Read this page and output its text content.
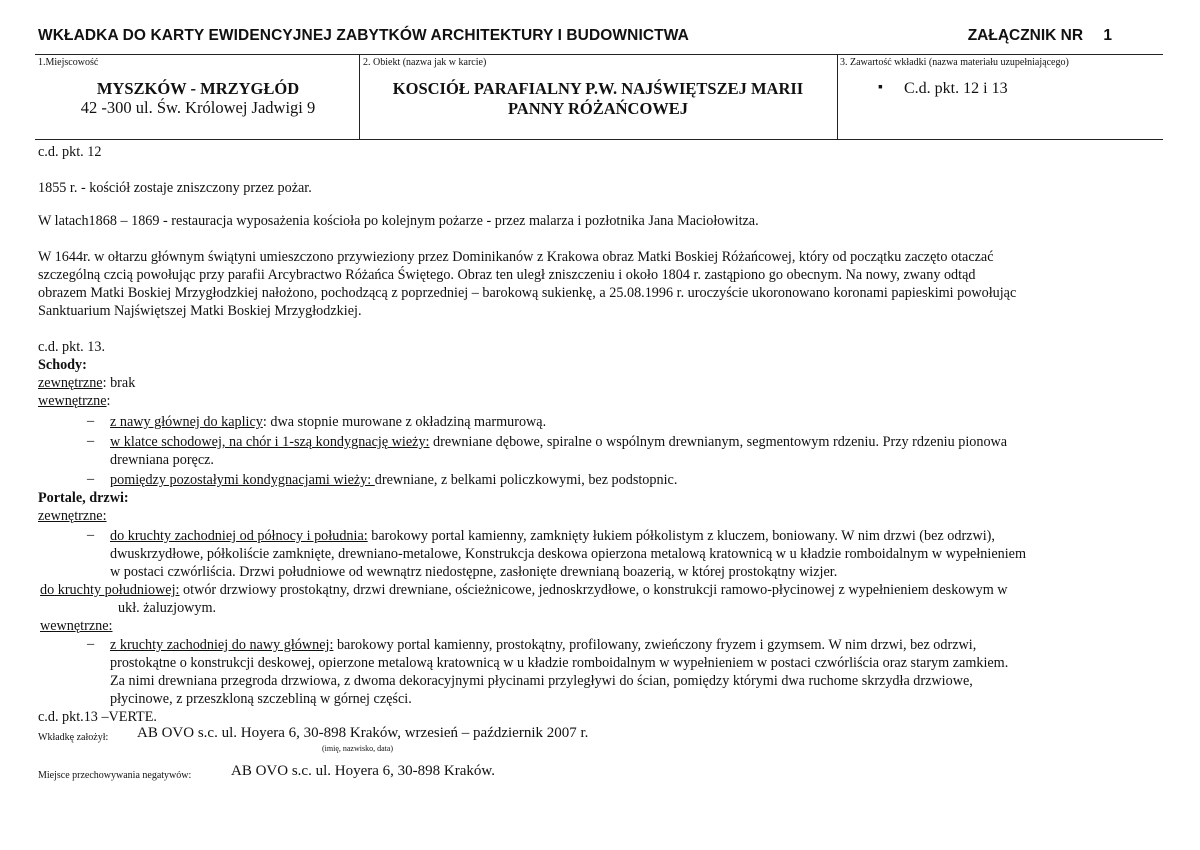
WKŁADKA DO KARTY EWIDENCYJNEJ ZABYTKÓW ARCHITEKTURY I BUDOWNICTWA	ZAŁĄCZNIK NR 1
1.Miejscowość
MYSZKÓW - MRZYGŁÓD
42 -300 ul. Św. Królowej Jadwigi 9
2. Obiekt (nazwa jak w karcie)
KOSCIÓŁ PARAFIALNY P.W. NAJŚWIĘTSZEJ MARII
PANNY RÓŻAŃCOWEJ
3. Zawartość wkładki (nazwa materiału uzupełniającego)
▪ C.d. pkt. 12 i 13
c.d. pkt. 12
1855 r. - kościół zostaje zniszczony przez pożar.
W latach1868 – 1869 - restauracja wyposażenia kościoła po kolejnym pożarze - przez malarza i pozłotnika Jana Maciołowitza.
W 1644r. w ołtarzu głównym świątyni umieszczono przywieziony przez Dominikanów z Krakowa obraz Matki Boskiej Różańcowej, który od początku zaczęto otaczać
szczególną czcią powołując przy parafii Arcybractwo Różańca Świętego. Obraz ten uległ zniszczeniu i około 1804 r. zastąpiono go obecnym. Na nowy, zwany odtąd
obrazem Matki Boskiej Mrzygłodzkiej nałożono, pochodzącą z poprzedniej – barokową sukienkę, a 25.08.1996 r. uroczyście ukoronowano koronami papieskimi powołując
Sanktuarium Najświętszej Matki Boskiej Mrzygłodzkiej.
c.d. pkt. 13.
Schody:
zewnętrzne: brak
wewnętrzne:
– z nawy głównej do kaplicy: dwa stopnie murowane z okładziną marmurową.
– w klatce schodowej, na chór i 1-szą kondygnację wieży: drewniane dębowe, spiralne o wspólnym drewnianym, segmentowym rdzeniu. Przy rdzeniu pionowa
drewniana poręcz.
– pomiędzy pozostałymi kondygnacjami wieży: drewniane, z belkami policzkowymi, bez podstopnic.
Portale, drzwi:
zewnętrzne:
– do kruchty zachodniej od północy i południa: barokowy portal kamienny, zamknięty łukiem półkolistym z kluczem, boniowany. W nim drzwi (bez odrzwi),
dwuskrzydłowe, półkoliście zamknięte, drewniano-metalowe, Konstrukcja deskowa opierzona metalową kratownicą w u kładzie romboidalnym w wypełnieniem
w postaci czwórliścia. Drzwi południowe od wewnątrz niedostępne, zasłonięte drewnianą boazerią, w której prostokątny wizjer.
do kruchty południowej: otwór drzwiowy prostokątny, drzwi drewniane, ościeżnicowe, jednoskrzydłowe, o konstrukcji ramowo-płycinowej z wypełnieniem deskowym w
ukł. żaluzjowym.
wewnętrzne:
– z kruchty zachodniej do nawy głównej: barokowy portal kamienny, prostokątny, profilowany, zwieńczony fryzem i gzymsem. W nim drzwi, bez odrzwi,
prostokątne o konstrukcji deskowej, opierzone metalową kratownicą w u kładzie romboidalnym w wypełnieniem w postaci czwórliścia oraz starym zamkiem.
Za nimi drewniana przegroda drzwiowa, z dwoma dekoracyjnymi płycinami przyległywi do ścian, pomiędzy którymi dwa ruchome skrzydła drzwiowe,
płycinowe, z przeszkloną szczebliną w górnej części.
c.d. pkt.13 –VERTE.
Wkładkę założył: AB OVO s.c. ul. Hoyera 6, 30-898 Kraków, wrzesień – październik 2007 r.
(imię, nazwisko, data)
Miejsce przechowywania negatywów:	AB OVO s.c. ul. Hoyera 6, 30-898 Kraków.
